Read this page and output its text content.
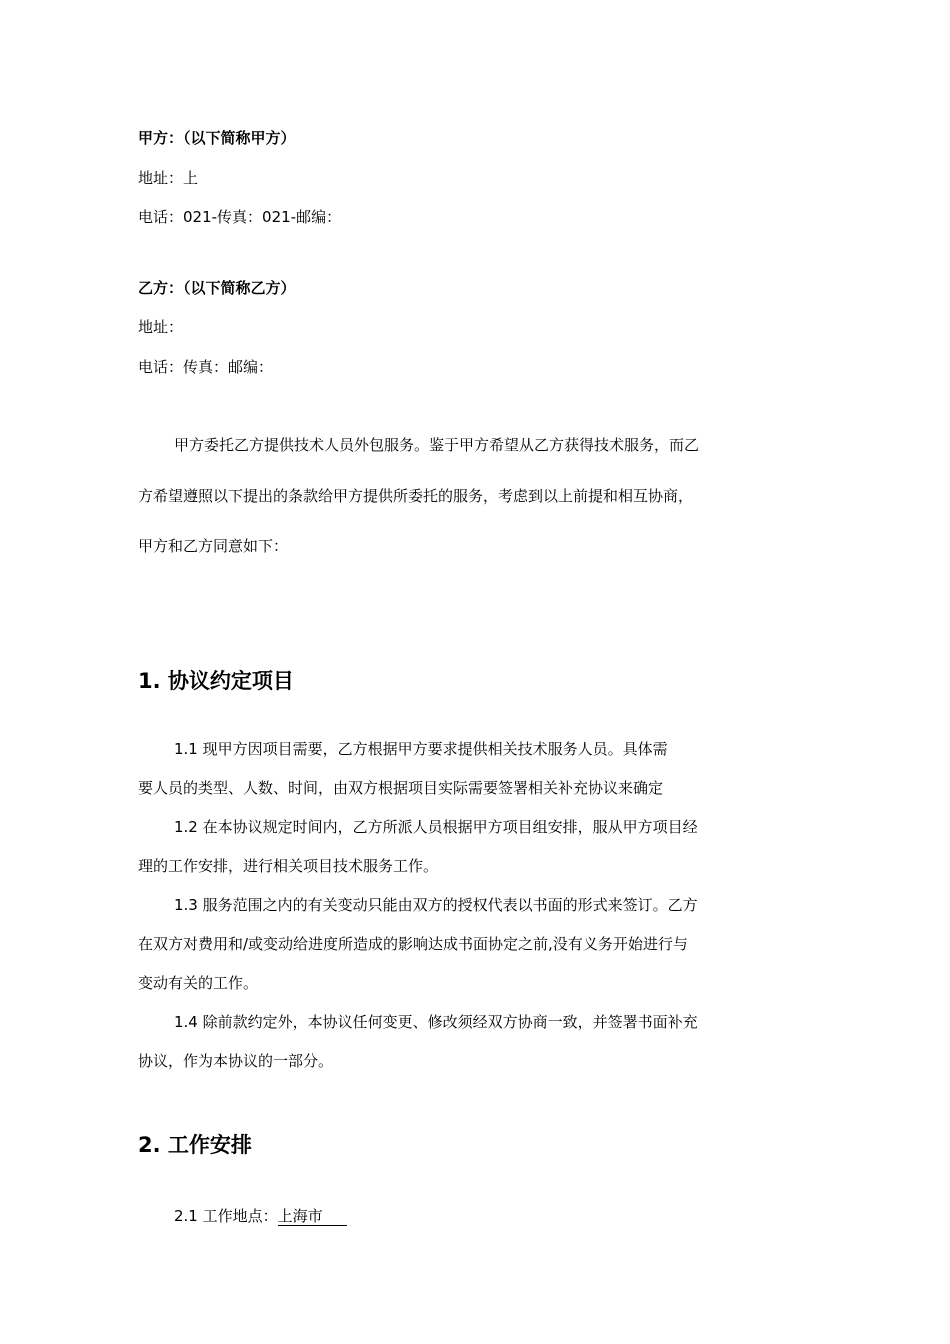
甲方：（以下简称甲方）
地址：上
电话：021-传真：021-邮编：
乙方：（以下简称乙方）
地址：
电话：传真：邮编：
甲方委托乙方提供技术人员外包服务。鉴于甲方希望从乙方获得技术服务，而乙
方希望遵照以下提出的条款给甲方提供所委托的服务，考虑到以上前提和相互协商，
甲方和乙方同意如下：
1. 协议约定项目
1.1 现甲方因项目需要，乙方根据甲方要求提供相关技术服务人员。具体需
要人员的类型、人数、时间，由双方根据项目实际需要签署相关补充协议来确定
1.2 在本协议规定时间内，乙方所派人员根据甲方项目组安排，服从甲方项目经
理的工作安排，进行相关项目技术服务工作。
1.3 服务范围之内的有关变动只能由双方的授权代表以书面的形式来签订。乙方
在双方对费用和/或变动给进度所造成的影响达成书面协定之前,没有义务开始进行与
变动有关的工作。
1.4 除前款约定外，本协议任何变更、修改须经双方协商一致，并签署书面补充
协议，作为本协议的一部分。
2. 工作安排
2.1 工作地点：上海市
